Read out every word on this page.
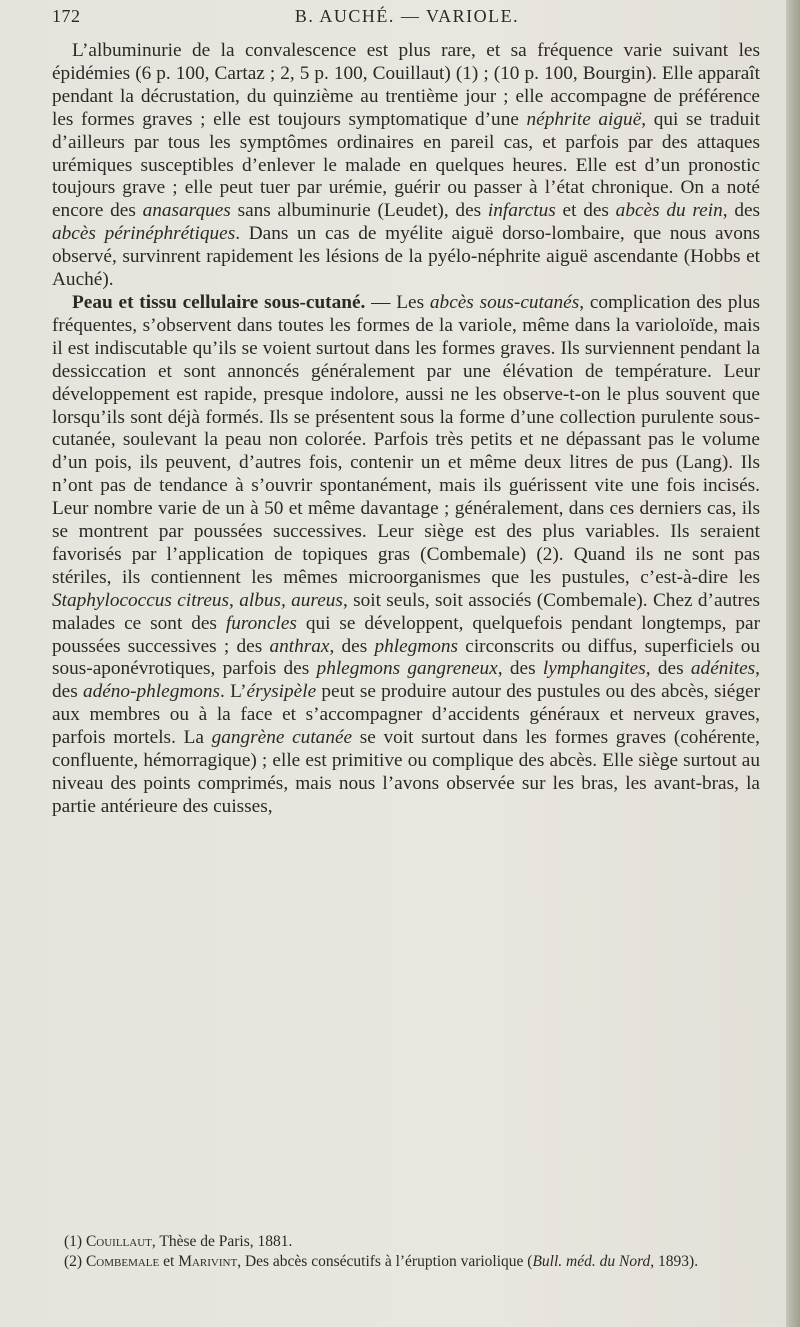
172	B. AUCHÉ. — VARIOLE.

L’albuminurie de la convalescence est plus rare, et sa fréquence varie suivant les épidémies (6 p. 100, Cartaz ; 2, 5 p. 100, Couillaut) (1) ; (10 p. 100, Bourgin). Elle apparaît pendant la décrustation, du quinzième au trentième jour ; elle accompagne de préférence les formes graves ; elle est toujours symptomatique d’une néphrite aiguë, qui se traduit d’ailleurs par tous les symptômes ordinaires en pareil cas, et parfois par des attaques urémiques susceptibles d’enlever le malade en quelques heures. Elle est d’un pronostic toujours grave ; elle peut tuer par urémie, guérir ou passer à l’état chronique. On a noté encore des anasarques sans albuminurie (Leudet), des infarctus et des abcès du rein, des abcès périnéphrétiques. Dans un cas de myélite aiguë dorso-lombaire, que nous avons observé, survinrent rapidement les lésions de la pyélo-néphrite aiguë ascendante (Hobbs et Auché).

Peau et tissu cellulaire sous-cutané. — Les abcès sous-cutanés, complication des plus fréquentes, s’observent dans toutes les formes de la variole, même dans la varioloïde, mais il est indiscutable qu’ils se voient surtout dans les formes graves. Ils surviennent pendant la dessiccation et sont annoncés généralement par une élévation de température. Leur développement est rapide, presque indolore, aussi ne les observe-t-on le plus souvent que lorsqu’ils sont déjà formés. Ils se présentent sous la forme d’une collection purulente sous-cutanée, soulevant la peau non colorée. Parfois très petits et ne dépassant pas le volume d’un pois, ils peuvent, d’autres fois, contenir un et même deux litres de pus (Lang). Ils n’ont pas de tendance à s’ouvrir spontanément, mais ils guérissent vite une fois incisés. Leur nombre varie de un à 50 et même davantage ; généralement, dans ces derniers cas, ils se montrent par poussées successives. Leur siège est des plus variables. Ils seraient favorisés par l’application de topiques gras (Combemale) (2). Quand ils ne sont pas stériles, ils contiennent les mêmes microorganismes que les pustules, c’est-à-dire les Staphylococcus citreus, albus, aureus, soit seuls, soit associés (Combemale). Chez d’autres malades ce sont des furoncles qui se développent, quelquefois pendant longtemps, par poussées successives ; des anthrax, des phlegmons circonscrits ou diffus, superficiels ou sous-aponévrotiques, parfois des phlegmons gangreneux, des lymphangites, des adénites, des adéno-phlegmons. L’érysipèle peut se produire autour des pustules ou des abcès, siéger aux membres ou à la face et s’accompagner d’accidents généraux et nerveux graves, parfois mortels. La gangrène cutanée se voit surtout dans les formes graves (cohérente, confluente, hémorragique) ; elle est primitive ou complique des abcès. Elle siège surtout au niveau des points comprimés, mais nous l’avons observée sur les bras, les avant-bras, la partie antérieure des cuisses,

(1) Couillaut, Thèse de Paris, 1881.

(2) Combemale et Marivint, Des abcès consécutifs à l’éruption variolique (Bull. méd. du Nord, 1893).
